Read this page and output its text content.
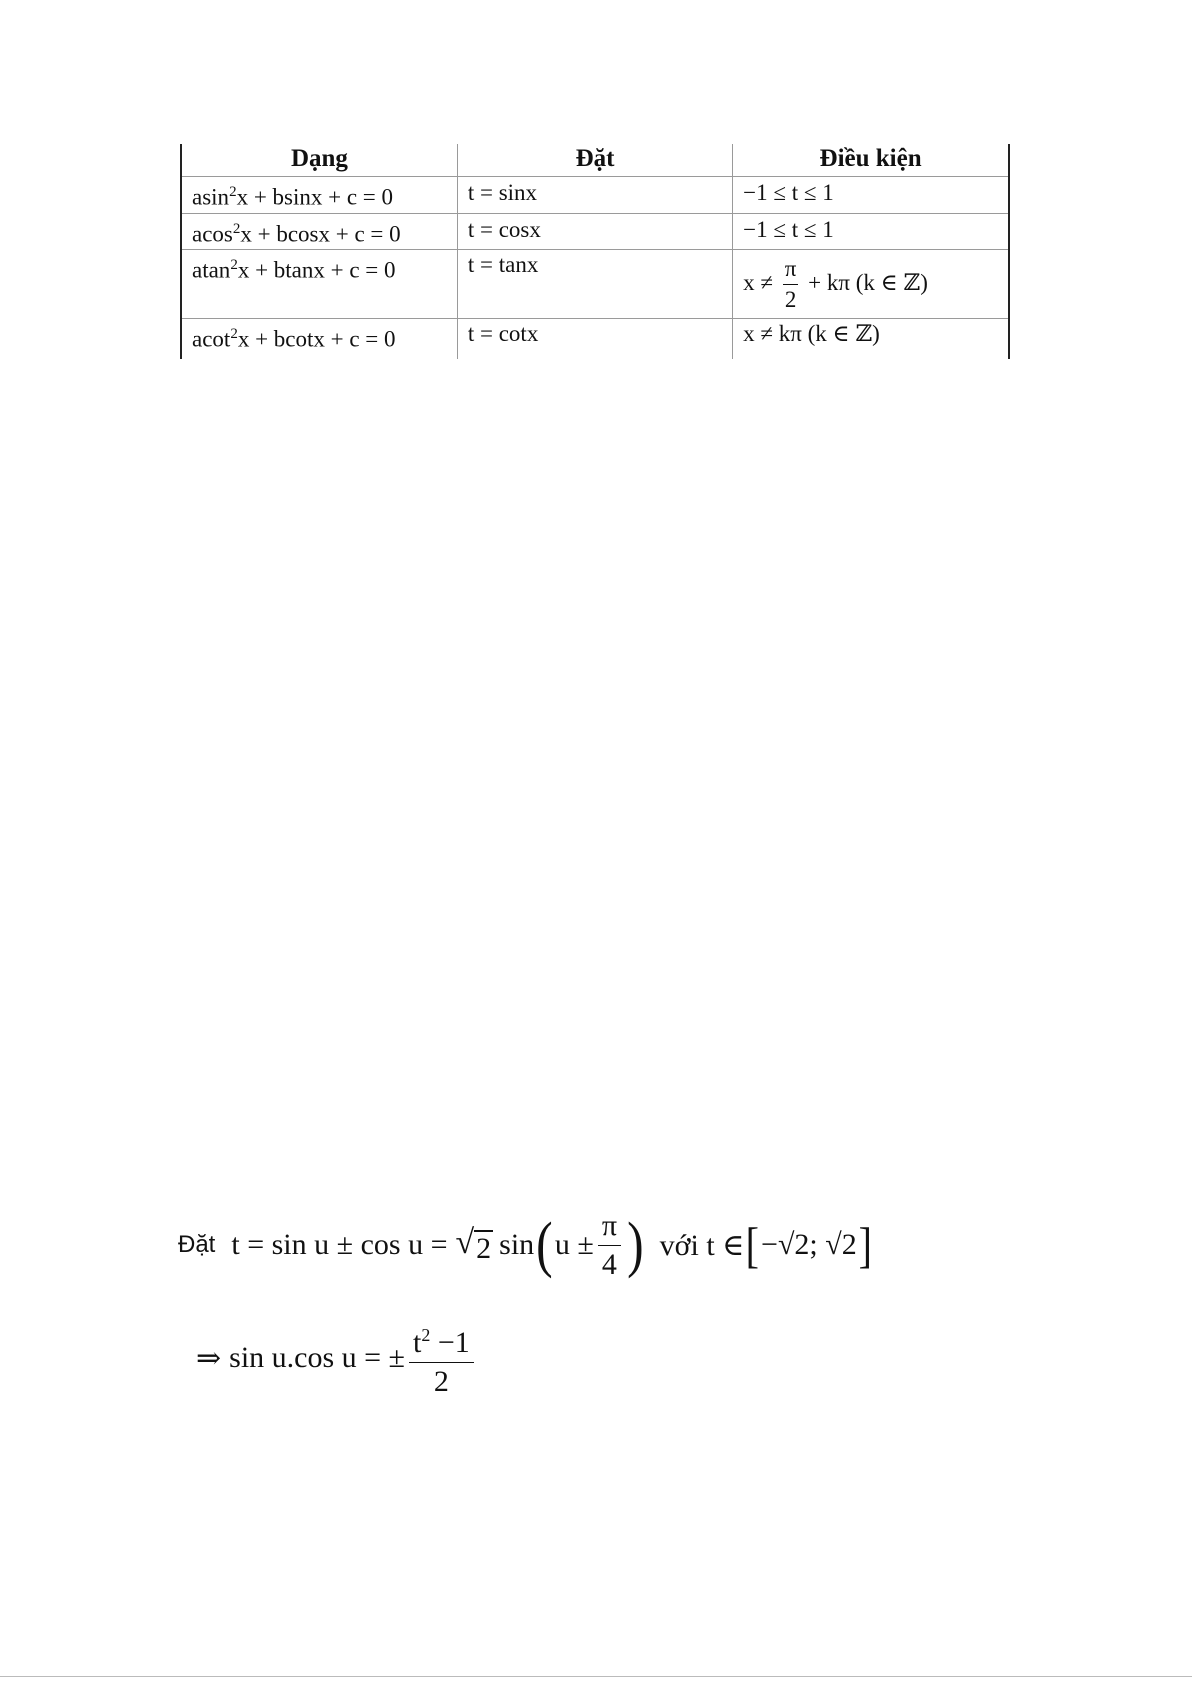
Dạng	Đặt	Điều kiện
asin$^2$x + bsinx + c = 0	t = sinx	−1 ≤ t ≤ 1
acos$^2$x + bcosx + c = 0	t = cosx	−1 ≤ t ≤ 1
atan$^2$x + btanx + c = 0	t = tanx	$x \ne \frac{\pi}{2} + k\pi$ (k ∈ ℤ)
acot$^2$x + bcotx + c = 0	t = cotx	x ≠ kπ (k ∈ ℤ)
Đặt t = sin u ± cos u = √ 2 sin ( $u \pm \frac{\pi}{4}$ ) với t ∈ [ −√2; √2 ]
⇒ sin u.cos u = ± $\frac{t^2 -1}{2}$
